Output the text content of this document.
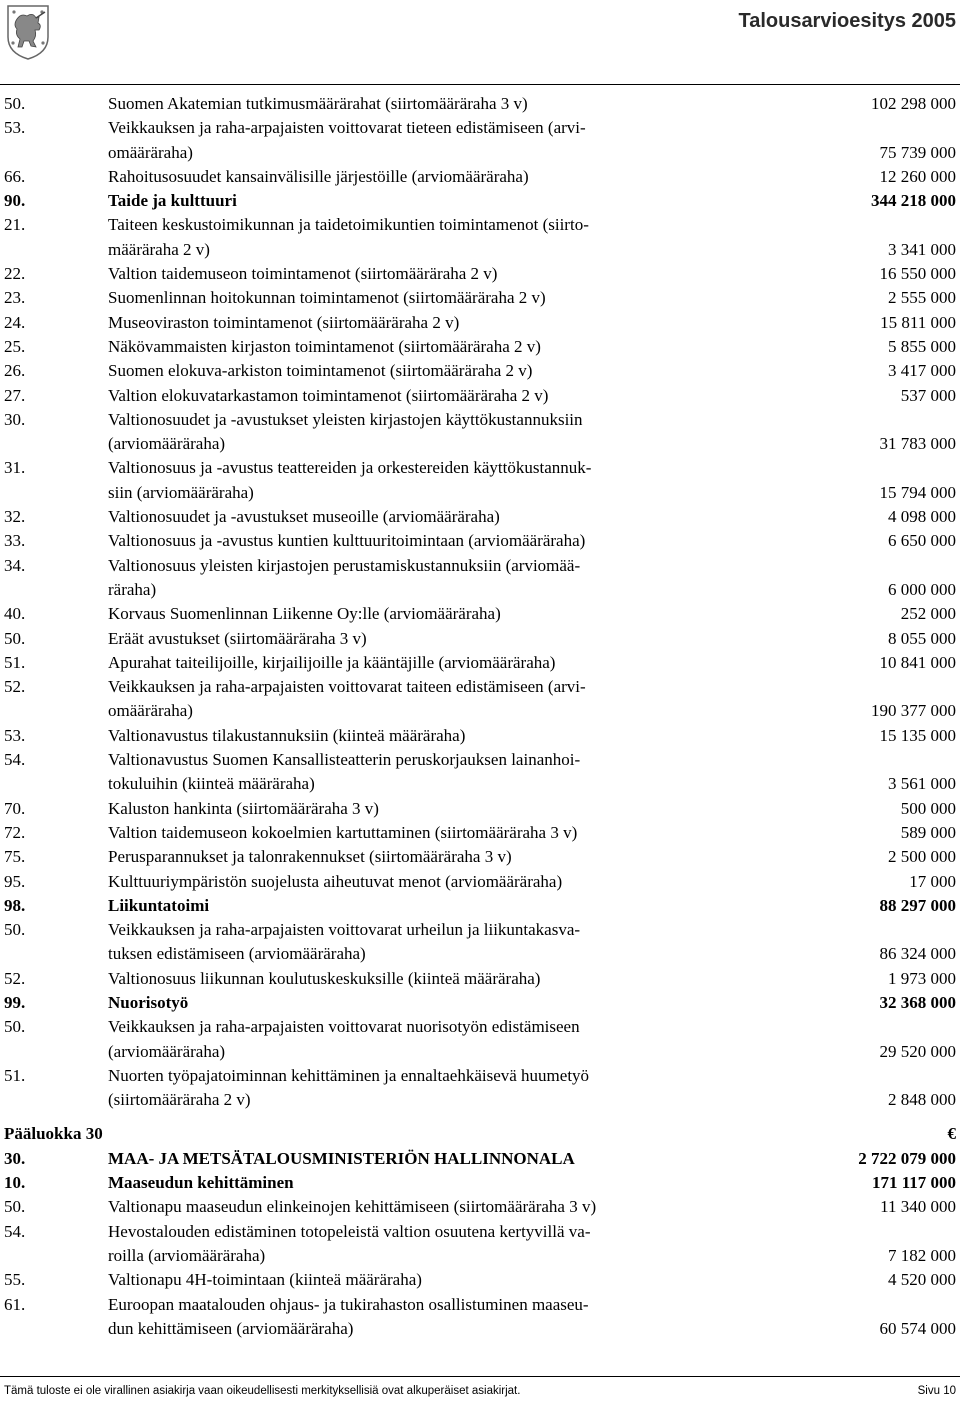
Talousarvioesitys 2005
50.	Suomen Akatemian tutkimusmäärärahat (siirtomääräraha 3 v)	102 298 000
53.	Veikkauksen ja raha-arpajaisten voittovarat tieteen edistämiseen (arvi-
omääräraha)	75 739 000
66.	Rahoitusosuudet kansainvälisille järjestöille (arviomääräraha)	12 260 000
90.	Taide ja kulttuuri	344 218 000
21.	Taiteen keskustoimikunnan ja taidetoimikuntien toimintamenot (siirto-
määräraha 2 v)	3 341 000
22.	Valtion taidemuseon toimintamenot (siirtomääräraha 2 v)	16 550 000
23.	Suomenlinnan hoitokunnan toimintamenot (siirtomääräraha 2 v)	2 555 000
24.	Museoviraston toimintamenot (siirtomääräraha 2 v)	15 811 000
25.	Näkövammaisten kirjaston toimintamenot (siirtomääräraha 2 v)	5 855 000
26.	Suomen elokuva-arkiston toimintamenot (siirtomääräraha 2 v)	3 417 000
27.	Valtion elokuvatarkastamon toimintamenot (siirtomääräraha 2 v)	537 000
30.	Valtionosuudet ja -avustukset yleisten kirjastojen käyttökustannuksiin
(arviomääräraha)	31 783 000
31.	Valtionosuus ja -avustus teattereiden ja orkestereiden käyttökustannuk-
siin (arviomääräraha)	15 794 000
32.	Valtionosuudet ja -avustukset museoille (arviomääräraha)	4 098 000
33.	Valtionosuus ja -avustus kuntien kulttuuritoimintaan (arviomääräraha)	6 650 000
34.	Valtionosuus yleisten kirjastojen perustamiskustannuksiin (arviomää-
räraha)	6 000 000
40.	Korvaus Suomenlinnan Liikenne Oy:lle (arviomääräraha)	252 000
50.	Eräät avustukset (siirtomääräraha 3 v)	8 055 000
51.	Apurahat taiteilijoille, kirjailijoille ja kääntäjille (arviomääräraha)	10 841 000
52.	Veikkauksen ja raha-arpajaisten voittovarat taiteen edistämiseen (arvi-
omääräraha)	190 377 000
53.	Valtionavustus tilakustannuksiin (kiinteä määräraha)	15 135 000
54.	Valtionavustus Suomen Kansallisteatterin peruskorjauksen lainanhoi-
tokuluihin (kiinteä määräraha)	3 561 000
70.	Kaluston hankinta (siirtomääräraha 3 v)	500 000
72.	Valtion taidemuseon kokoelmien kartuttaminen (siirtomääräraha 3 v)	589 000
75.	Perusparannukset ja talonrakennukset (siirtomääräraha 3 v)	2 500 000
95.	Kulttuuriympäristön suojelusta aiheutuvat menot (arviomääräraha)	17 000
98.	Liikuntatoimi	88 297 000
50.	Veikkauksen ja raha-arpajaisten voittovarat urheilun ja liikuntakasva-
tuksen edistämiseen (arviomääräraha)	86 324 000
52.	Valtionosuus liikunnan koulutuskeskuksille (kiinteä määräraha)	1 973 000
99.	Nuorisotyö	32 368 000
50.	Veikkauksen ja raha-arpajaisten voittovarat nuorisotyön edistämiseen
(arviomääräraha)	29 520 000
51.	Nuorten työpajatoiminnan kehittäminen ja ennaltaehkäisevä huumetyö
(siirtomääräraha 2 v)	2 848 000
Pääluokka 30	€
30.	MAA- JA METSÄTALOUSMINISTERIÖN HALLINNONALA	2 722 079 000
10.	Maaseudun kehittäminen	171 117 000
50.	Valtionapu maaseudun elinkeinojen kehittämiseen (siirtomääräraha 3 v)	11 340 000
54.	Hevostalouden edistäminen totopeleistä valtion osuutena kertyvillä va-
roilla (arviomääräraha)	7 182 000
55.	Valtionapu 4H-toimintaan (kiinteä määräraha)	4 520 000
61.	Euroopan maatalouden ohjaus- ja tukirahaston osallistuminen maaseu-
dun kehittämiseen (arviomääräraha)	60 574 000
Tämä tuloste ei ole virallinen asiakirja vaan oikeudellisesti merkityksellisiä ovat alkuperäiset asiakirjat.	Sivu 10
